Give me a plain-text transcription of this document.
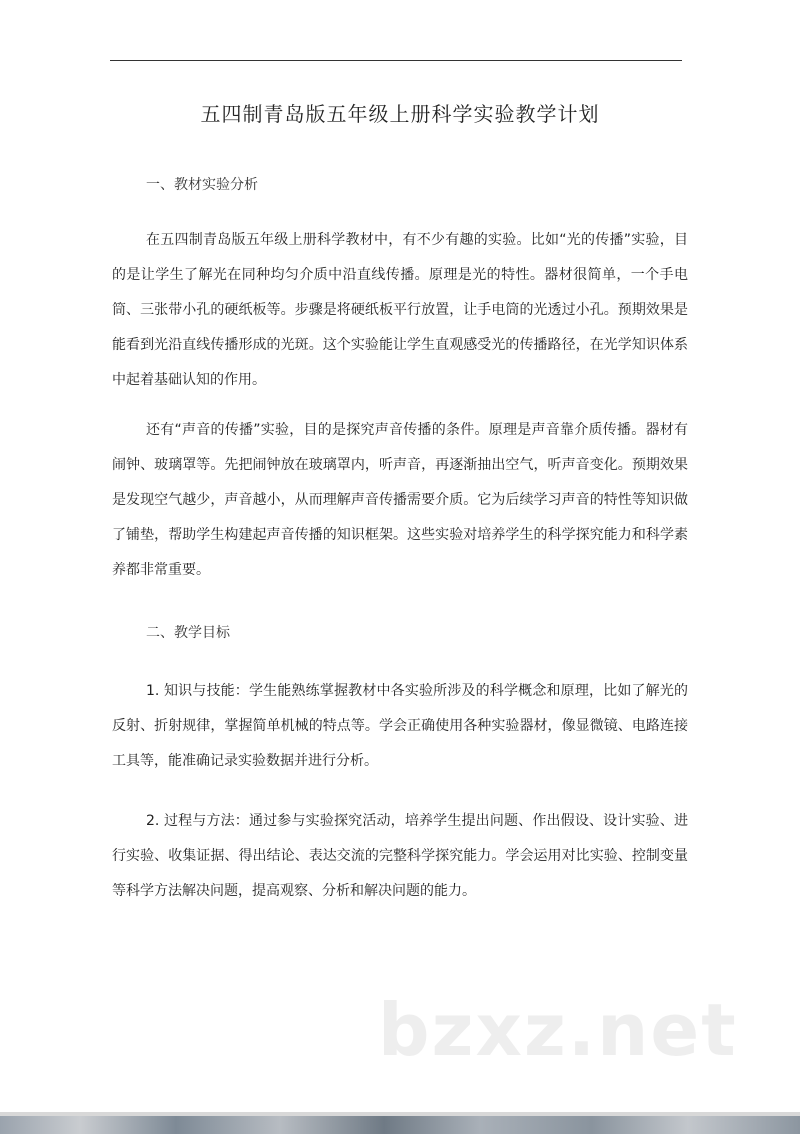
五四制青岛版五年级上册科学实验教学计划
一、教材实验分析

在五四制青岛版五年级上册科学教材中，有不少有趣的实验。比如“光的传播”实验，目的是让学生了解光在同种均匀介质中沿直线传播。原理是光的特性。器材很简单，一个手电筒、三张带小孔的硬纸板等。步骤是将硬纸板平行放置，让手电筒的光透过小孔。预期效果是能看到光沿直线传播形成的光斑。这个实验能让学生直观感受光的传播路径，在光学知识体系中起着基础认知的作用。

还有“声音的传播”实验，目的是探究声音传播的条件。原理是声音靠介质传播。器材有闹钟、玻璃罩等。先把闹钟放在玻璃罩内，听声音，再逐渐抽出空气，听声音变化。预期效果是发现空气越少，声音越小，从而理解声音传播需要介质。它为后续学习声音的特性等知识做了铺垫，帮助学生构建起声音传播的知识框架。这些实验对培养学生的科学探究能力和科学素养都非常重要。

二、教学目标

1. 知识与技能：学生能熟练掌握教材中各实验所涉及的科学概念和原理，比如了解光的反射、折射规律，掌握简单机械的特点等。学会正确使用各种实验器材，像显微镜、电路连接工具等，能准确记录实验数据并进行分析。

2. 过程与方法：通过参与实验探究活动，培养学生提出问题、作出假设、设计实验、进行实验、收集证据、得出结论、表达交流的完整科学探究能力。学会运用对比实验、控制变量等科学方法解决问题，提高观察、分析和解决问题的能力。

bzxz.net
